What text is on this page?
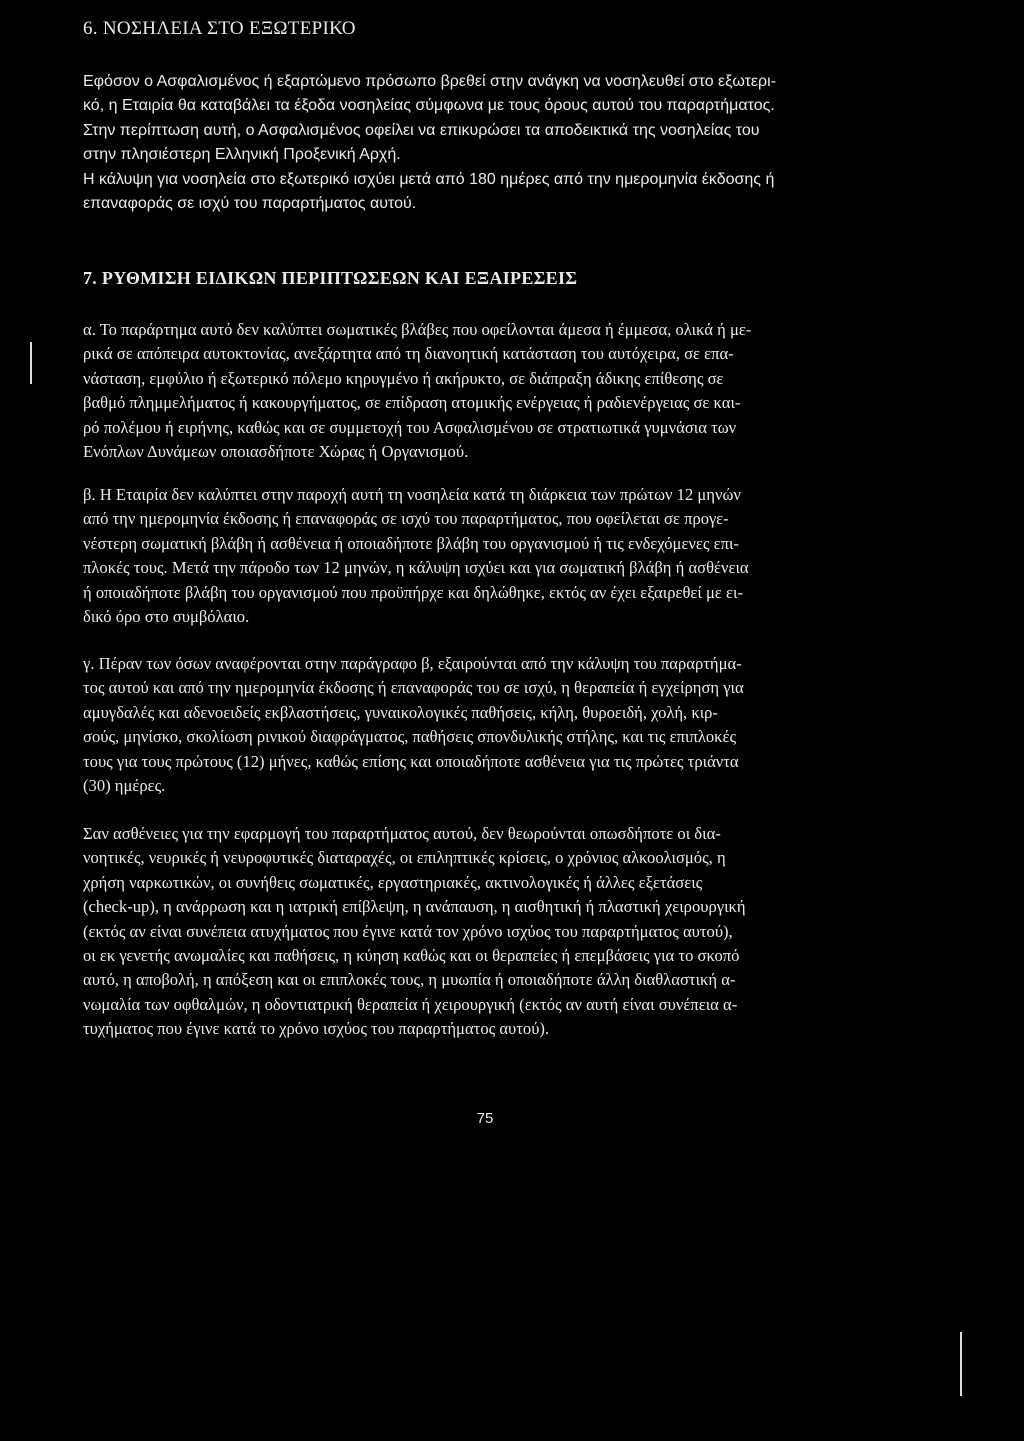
6. ΝΟΣΗΛΕΙΑ ΣΤΟ ΕΞΩΤΕΡΙΚΟ
Εφόσον ο Ασφαλισμένος ή εξαρτώμενο πρόσωπο βρεθεί στην ανάγκη να νοσηλευθεί στο εξωτερι-
κό, η Εταιρία θα καταβάλει τα έξοδα νοσηλείας σύμφωνα με τους όρους αυτού του παραρτήματος.
Στην περίπτωση αυτή, ο Ασφαλισμένος οφείλει να επικυρώσει τα αποδεικτικά της νοσηλείας του
στην πλησιέστερη Ελληνική Προξενική Αρχή.
Η κάλυψη για νοσηλεία στο εξωτερικό ισχύει μετά από 180 ημέρες από την ημερομηνία έκδοσης ή
επαναφοράς σε ισχύ του παραρτήματος αυτού.
7. ΡΥΘΜΙΣΗ ΕΙΔΙΚΩΝ ΠΕΡΙΠΤΩΣΕΩΝ ΚΑΙ ΕΞΑΙΡΕΣΕΙΣ
α. Το παράρτημα αυτό δεν καλύπτει σωματικές βλάβες που οφείλονται άμεσα ή έμμεσα, ολικά ή με-
ρικά σε απόπειρα αυτοκτονίας, ανεξάρτητα από τη διανοητική κατάσταση του αυτόχειρα, σε επα-
νάσταση, εμφύλιο ή εξωτερικό πόλεμο κηρυγμένο ή ακήρυκτο, σε διάπραξη άδικης επίθεσης σε
βαθμό πλημμελήματος ή κακουργήματος, σε επίδραση ατομικής ενέργειας ή ραδιενέργειας σε και-
ρό πολέμου ή ειρήνης, καθώς και σε συμμετοχή του Ασφαλισμένου σε στρατιωτικά γυμνάσια των
Ενόπλων Δυνάμεων οποιασδήποτε Χώρας ή Οργανισμού.
β. Η Εταιρία δεν καλύπτει στην παροχή αυτή τη νοσηλεία κατά τη διάρκεια των πρώτων 12 μηνών
από την ημερομηνία έκδοσης ή επαναφοράς σε ισχύ του παραρτήματος, που οφείλεται σε προγε-
νέστερη σωματική βλάβη ή ασθένεια ή οποιαδήποτε βλάβη του οργανισμού ή τις ενδεχόμενες επι-
πλοκές τους. Μετά την πάροδο των 12 μηνών, η κάλυψη ισχύει και για σωματική βλάβη ή ασθένεια
ή οποιαδήποτε βλάβη του οργανισμού που προϋπήρχε και δηλώθηκε, εκτός αν έχει εξαιρεθεί με ει-
δικό όρο στο συμβόλαιο.
γ. Πέραν των όσων αναφέρονται στην παράγραφο β, εξαιρούνται από την κάλυψη του παραρτήμα-
τος αυτού και από την ημερομηνία έκδοσης ή επαναφοράς του σε ισχύ, η θεραπεία ή εγχείρηση για
αμυγδαλές και αδενοειδείς εκβλαστήσεις, γυναικολογικές παθήσεις, κήλη, θυροειδή, χολή, κιρ-
σούς, μηνίσκο, σκολίωση ρινικού διαφράγματος, παθήσεις σπονδυλικής στήλης, και τις επιπλοκές
τους για τους πρώτους (12) μήνες, καθώς επίσης και οποιαδήποτε ασθένεια για τις πρώτες τριάντα
(30) ημέρες.
Σαν ασθένειες για την εφαρμογή του παραρτήματος αυτού, δεν θεωρούνται οπωσδήποτε οι δια-
νοητικές, νευρικές ή νευροφυτικές διαταραχές, οι επιληπτικές κρίσεις, ο χρόνιος αλκοολισμός, η
χρήση ναρκωτικών, οι συνήθεις σωματικές, εργαστηριακές, ακτινολογικές ή άλλες εξετάσεις
(check-up), η ανάρρωση και η ιατρική επίβλεψη, η ανάπαυση, η αισθητική ή πλαστική χειρουργική
(εκτός αν είναι συνέπεια ατυχήματος που έγινε κατά τον χρόνο ισχύος του παραρτήματος αυτού),
οι εκ γενετής ανωμαλίες και παθήσεις, η κύηση καθώς και οι θεραπείες ή επεμβάσεις για το σκοπό
αυτό, η αποβολή, η απόξεση και οι επιπλοκές τους, η μυωπία ή οποιαδήποτε άλλη διαθλαστική α-
νωμαλία των οφθαλμών, η οδοντιατρική θεραπεία ή χειρουργική (εκτός αν αυτή είναι συνέπεια α-
τυχήματος που έγινε κατά το χρόνο ισχύος του παραρτήματος αυτού).
75
